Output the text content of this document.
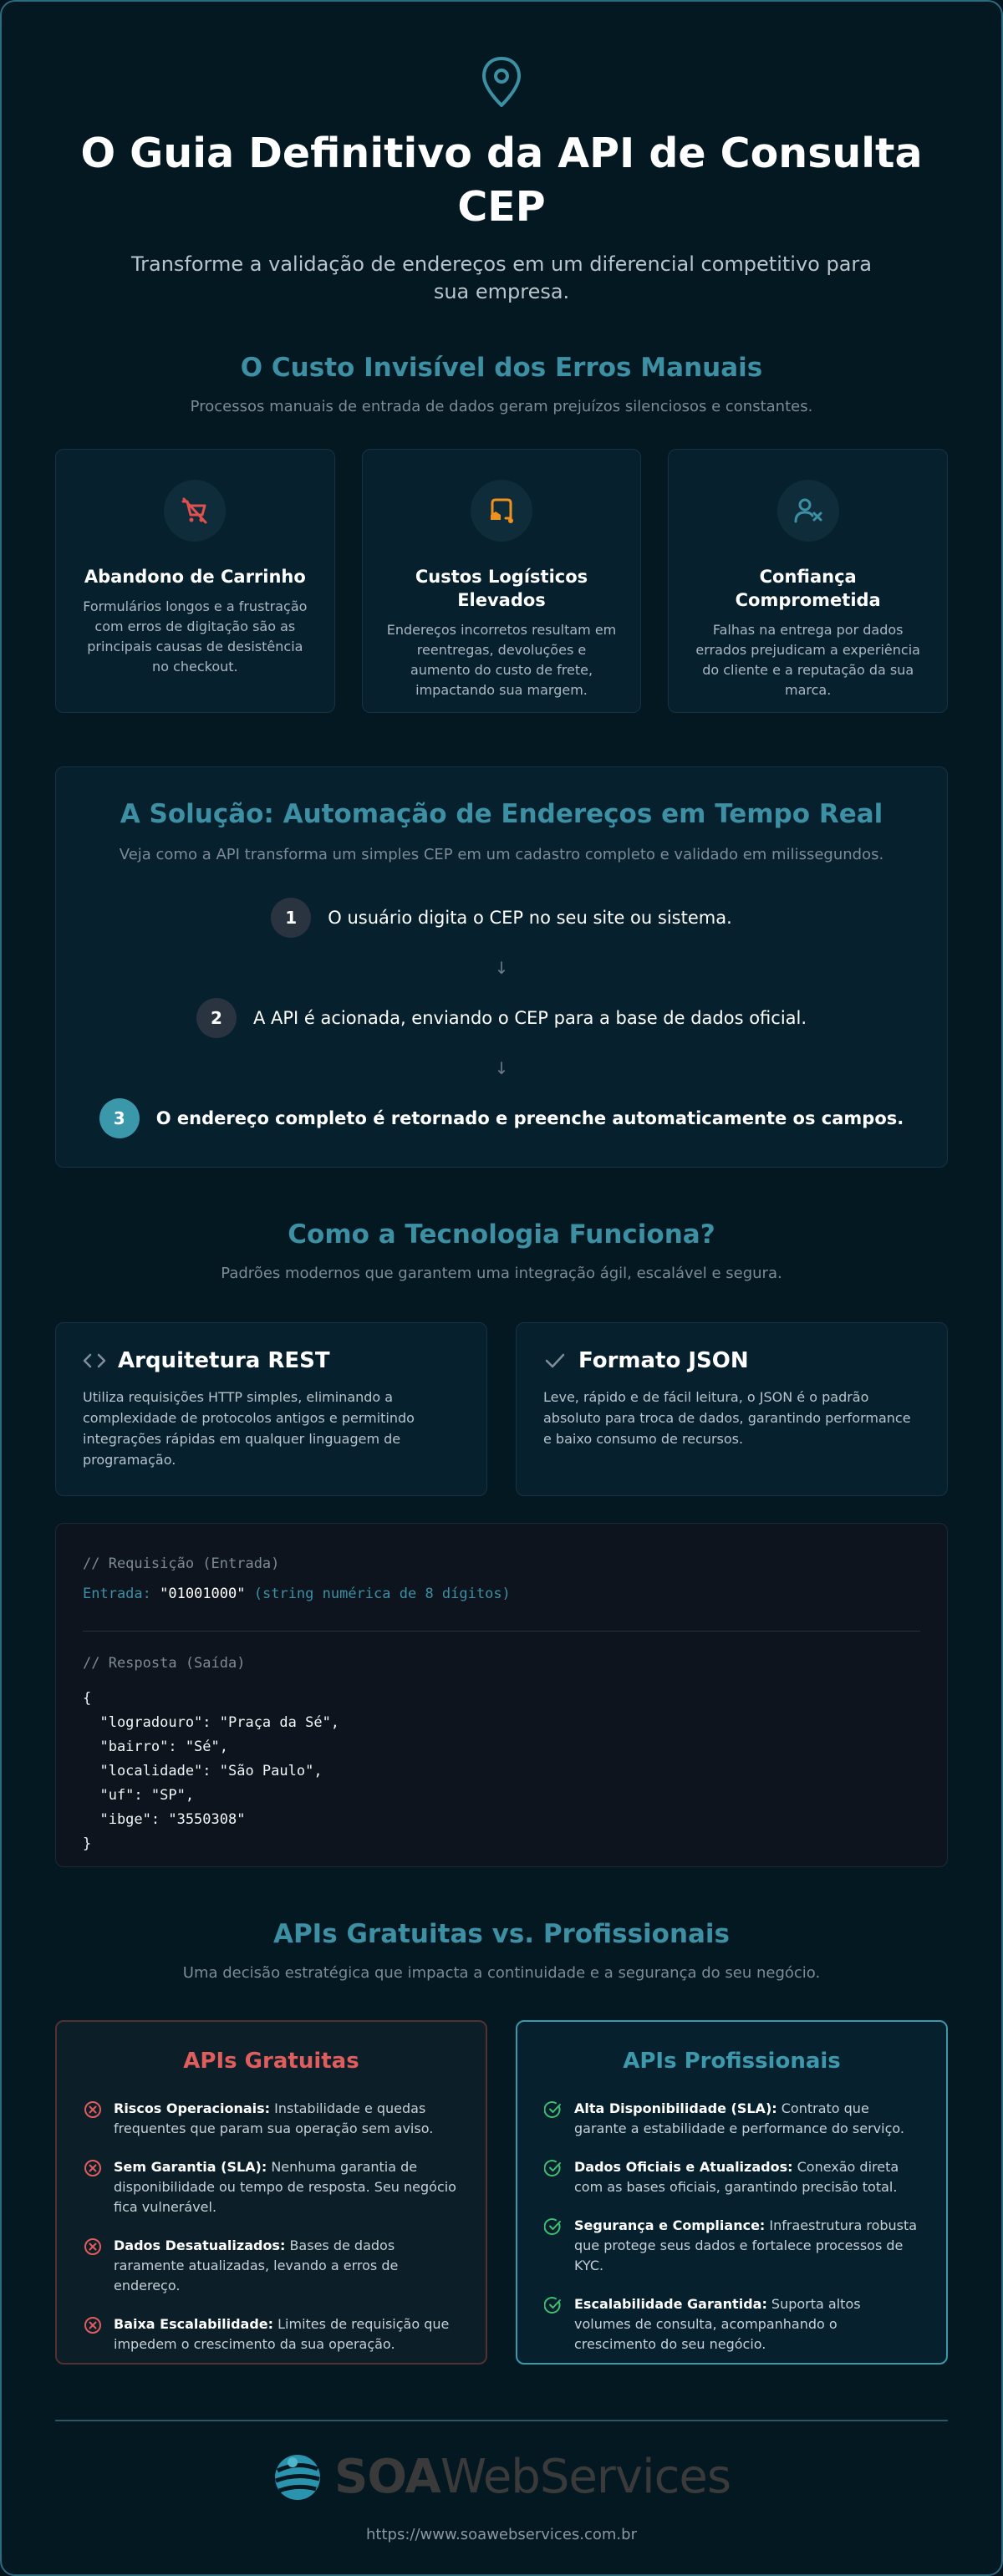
O Guia Definitivo da API de Consulta CEP

Transforme a validação de endereços em um diferencial competitivo para sua empresa.

O Custo Invisível dos Erros Manuais

Processos manuais de entrada de dados geram prejuízos silenciosos e constantes.

Abandono de Carrinho
Formulários longos e a frustração com erros de digitação são as principais causas de desistência no checkout.
Custos Logísticos Elevados
Endereços incorretos resultam em reentregas, devoluções e aumento do custo de frete, impactando sua margem.
Confiança Comprometida
Falhas na entrega por dados errados prejudicam a experiência do cliente e a reputação da sua marca.
A Solução: Automação de Endereços em Tempo Real

Veja como a API transforma um simples CEP em um cadastro completo e validado em milissegundos.

1	O usuário digita o CEP no seu site ou sistema.
↓
2	A API é acionada, enviando o CEP para a base de dados oficial.
↓
3	O endereço completo é retornado e preenche automaticamente os campos.
Como a Tecnologia Funciona?

Padrões modernos que garantem uma integração ágil, escalável e segura.

Arquitetura REST
Utiliza requisições HTTP simples, eliminando a complexidade de protocolos antigos e permitindo integrações rápidas em qualquer linguagem de programação.
Formato JSON
Leve, rápido e de fácil leitura, o JSON é o padrão absoluto para troca de dados, garantindo performance e baixo consumo de recursos.
// Requisição (Entrada)
Entrada: "01001000" (string numérica de 8 dígitos)
// Resposta (Saída)
{
"logradouro": "Praça da Sé",
"bairro": "Sé",
"localidade": "São Paulo",
"uf": "SP",
"ibge": "3550308"
}
APIs Gratuitas vs. Profissionais

Uma decisão estratégica que impacta a continuidade e a segurança do seu negócio.

APIs Gratuitas
Riscos Operacionais: Instabilidade e quedas frequentes que param sua operação sem aviso.
Sem Garantia (SLA): Nenhuma garantia de disponibilidade ou tempo de resposta. Seu negócio fica vulnerável.
Dados Desatualizados: Bases de dados raramente atualizadas, levando a erros de endereço.
Baixa Escalabilidade: Limites de requisição que impedem o crescimento da sua operação.
APIs Profissionais
Alta Disponibilidade (SLA): Contrato que garante a estabilidade e performance do serviço.
Dados Oficiais e Atualizados: Conexão direta com as bases oficiais, garantindo precisão total.
Segurança e Compliance: Infraestrutura robusta que protege seus dados e fortalece processos de KYC.
Escalabilidade Garantida: Suporta altos volumes de consulta, acompanhando o crescimento do seu negócio.
SOAWebServices
https://www.soawebservices.com.br
